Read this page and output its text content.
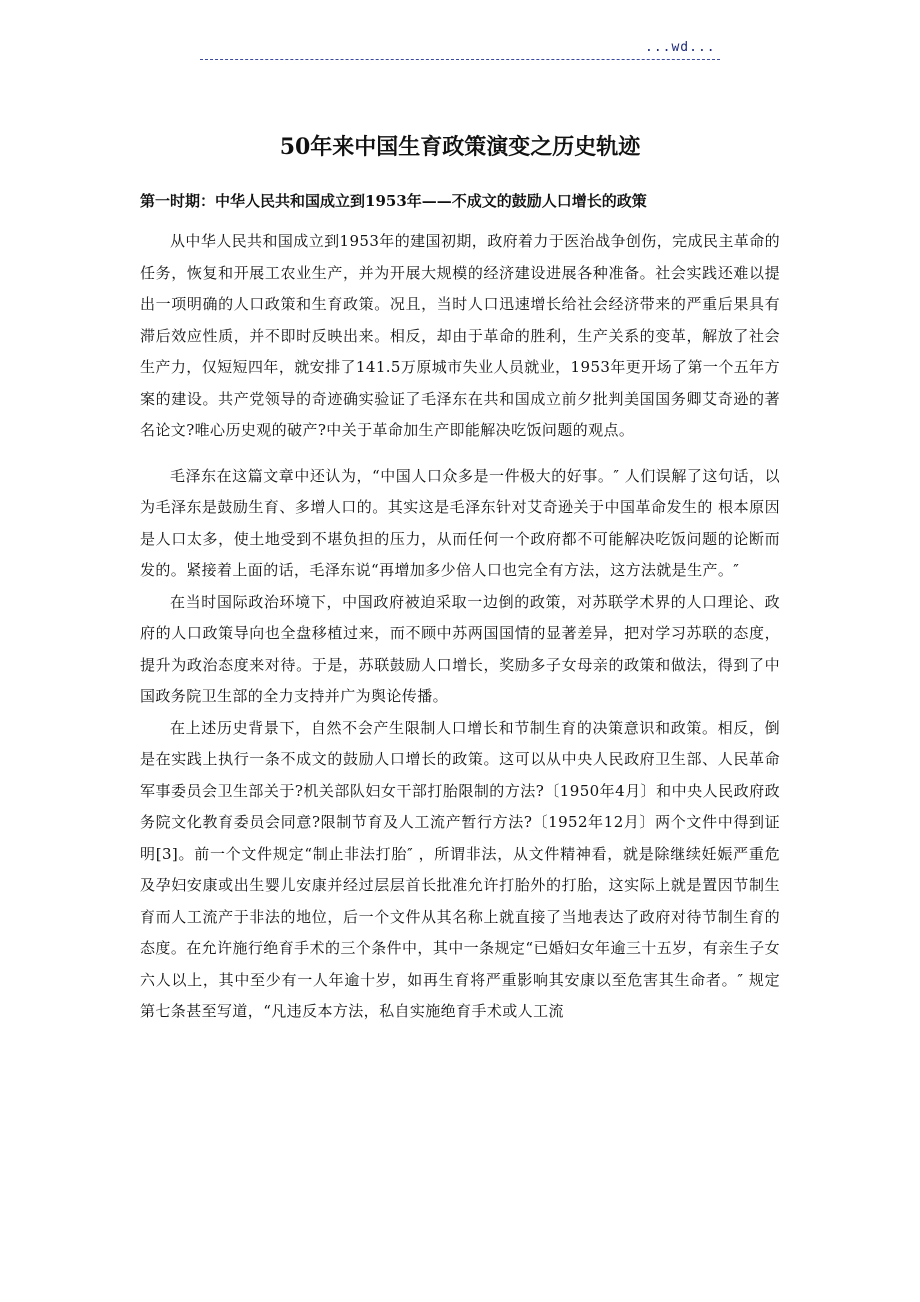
...wd...
50年来中国生育政策演变之历史轨迹
第一时期：中华人民共和国成立到1953年——不成文的鼓励人口增长的政策

从中华人民共和国成立到1953年的建国初期，政府着力于医治战争创伤，完成民主革命的任务，恢复和开展工农业生产，并为开展大规模的经济建设进展各种准备。社会实践还难以提出一项明确的人口政策和生育政策。况且，当时人口迅速增长给社会经济带来的严重后果具有滞后效应性质，并不即时反映出来。相反，却由于革命的胜利，生产关系的变革，解放了社会生产力，仅短短四年，就安排了141.5万原城市失业人员就业，1953年更开场了第一个五年方案的建设。共产党领导的奇迹确实验证了毛泽东在共和国成立前夕批判美国国务卿艾奇逊的著名论文?唯心历史观的破产?中关于革命加生产即能解决吃饭问题的观点。

毛泽东在这篇文章中还认为，“中国人口众多是一件极大的好事。″ 人们误解了这句话，以为毛泽东是鼓励生育、多增人口的。其实这是毛泽东针对艾奇逊关于中国革命发生的 根本原因是人口太多，使土地受到不堪负担的压力，从而任何一个政府都不可能解决吃饭问题的论断而发的。紧接着上面的话，毛泽东说“再增加多少倍人口也完全有方法，这方法就是生产。″

在当时国际政治环境下，中国政府被迫采取一边倒的政策，对苏联学术界的人口理论、政府的人口政策导向也全盘移植过来，而不顾中苏两国国情的显著差异，把对学习苏联的态度，提升为政治态度来对待。于是，苏联鼓励人口增长，奖励多子女母亲的政策和做法，得到了中国政务院卫生部的全力支持并广为舆论传播。

在上述历史背景下，自然不会产生限制人口增长和节制生育的决策意识和政策。相反，倒是在实践上执行一条不成文的鼓励人口增长的政策。这可以从中央人民政府卫生部、人民革命军事委员会卫生部关于?机关部队妇女干部打胎限制的方法?〔1950年4月〕和中央人民政府政务院文化教育委员会同意?限制节育及人工流产暂行方法?〔1952年12月〕两个文件中得到证明[3]。前一个文件规定“制止非法打胎″ ，所谓非法，从文件精神看，就是除继续妊娠严重危及孕妇安康或出生婴儿安康并经过层层首长批准允许打胎外的打胎，这实际上就是置因节制生育而人工流产于非法的地位，后一个文件从其名称上就直接了当地表达了政府对待节制生育的态度。在允许施行绝育手术的三个条件中，其中一条规定“已婚妇女年逾三十五岁，有亲生子女六人以上，其中至少有一人年逾十岁，如再生育将严重影响其安康以至危害其生命者。″ 规定第七条甚至写道，“凡违反本方法，私自实施绝育手术或人工流
